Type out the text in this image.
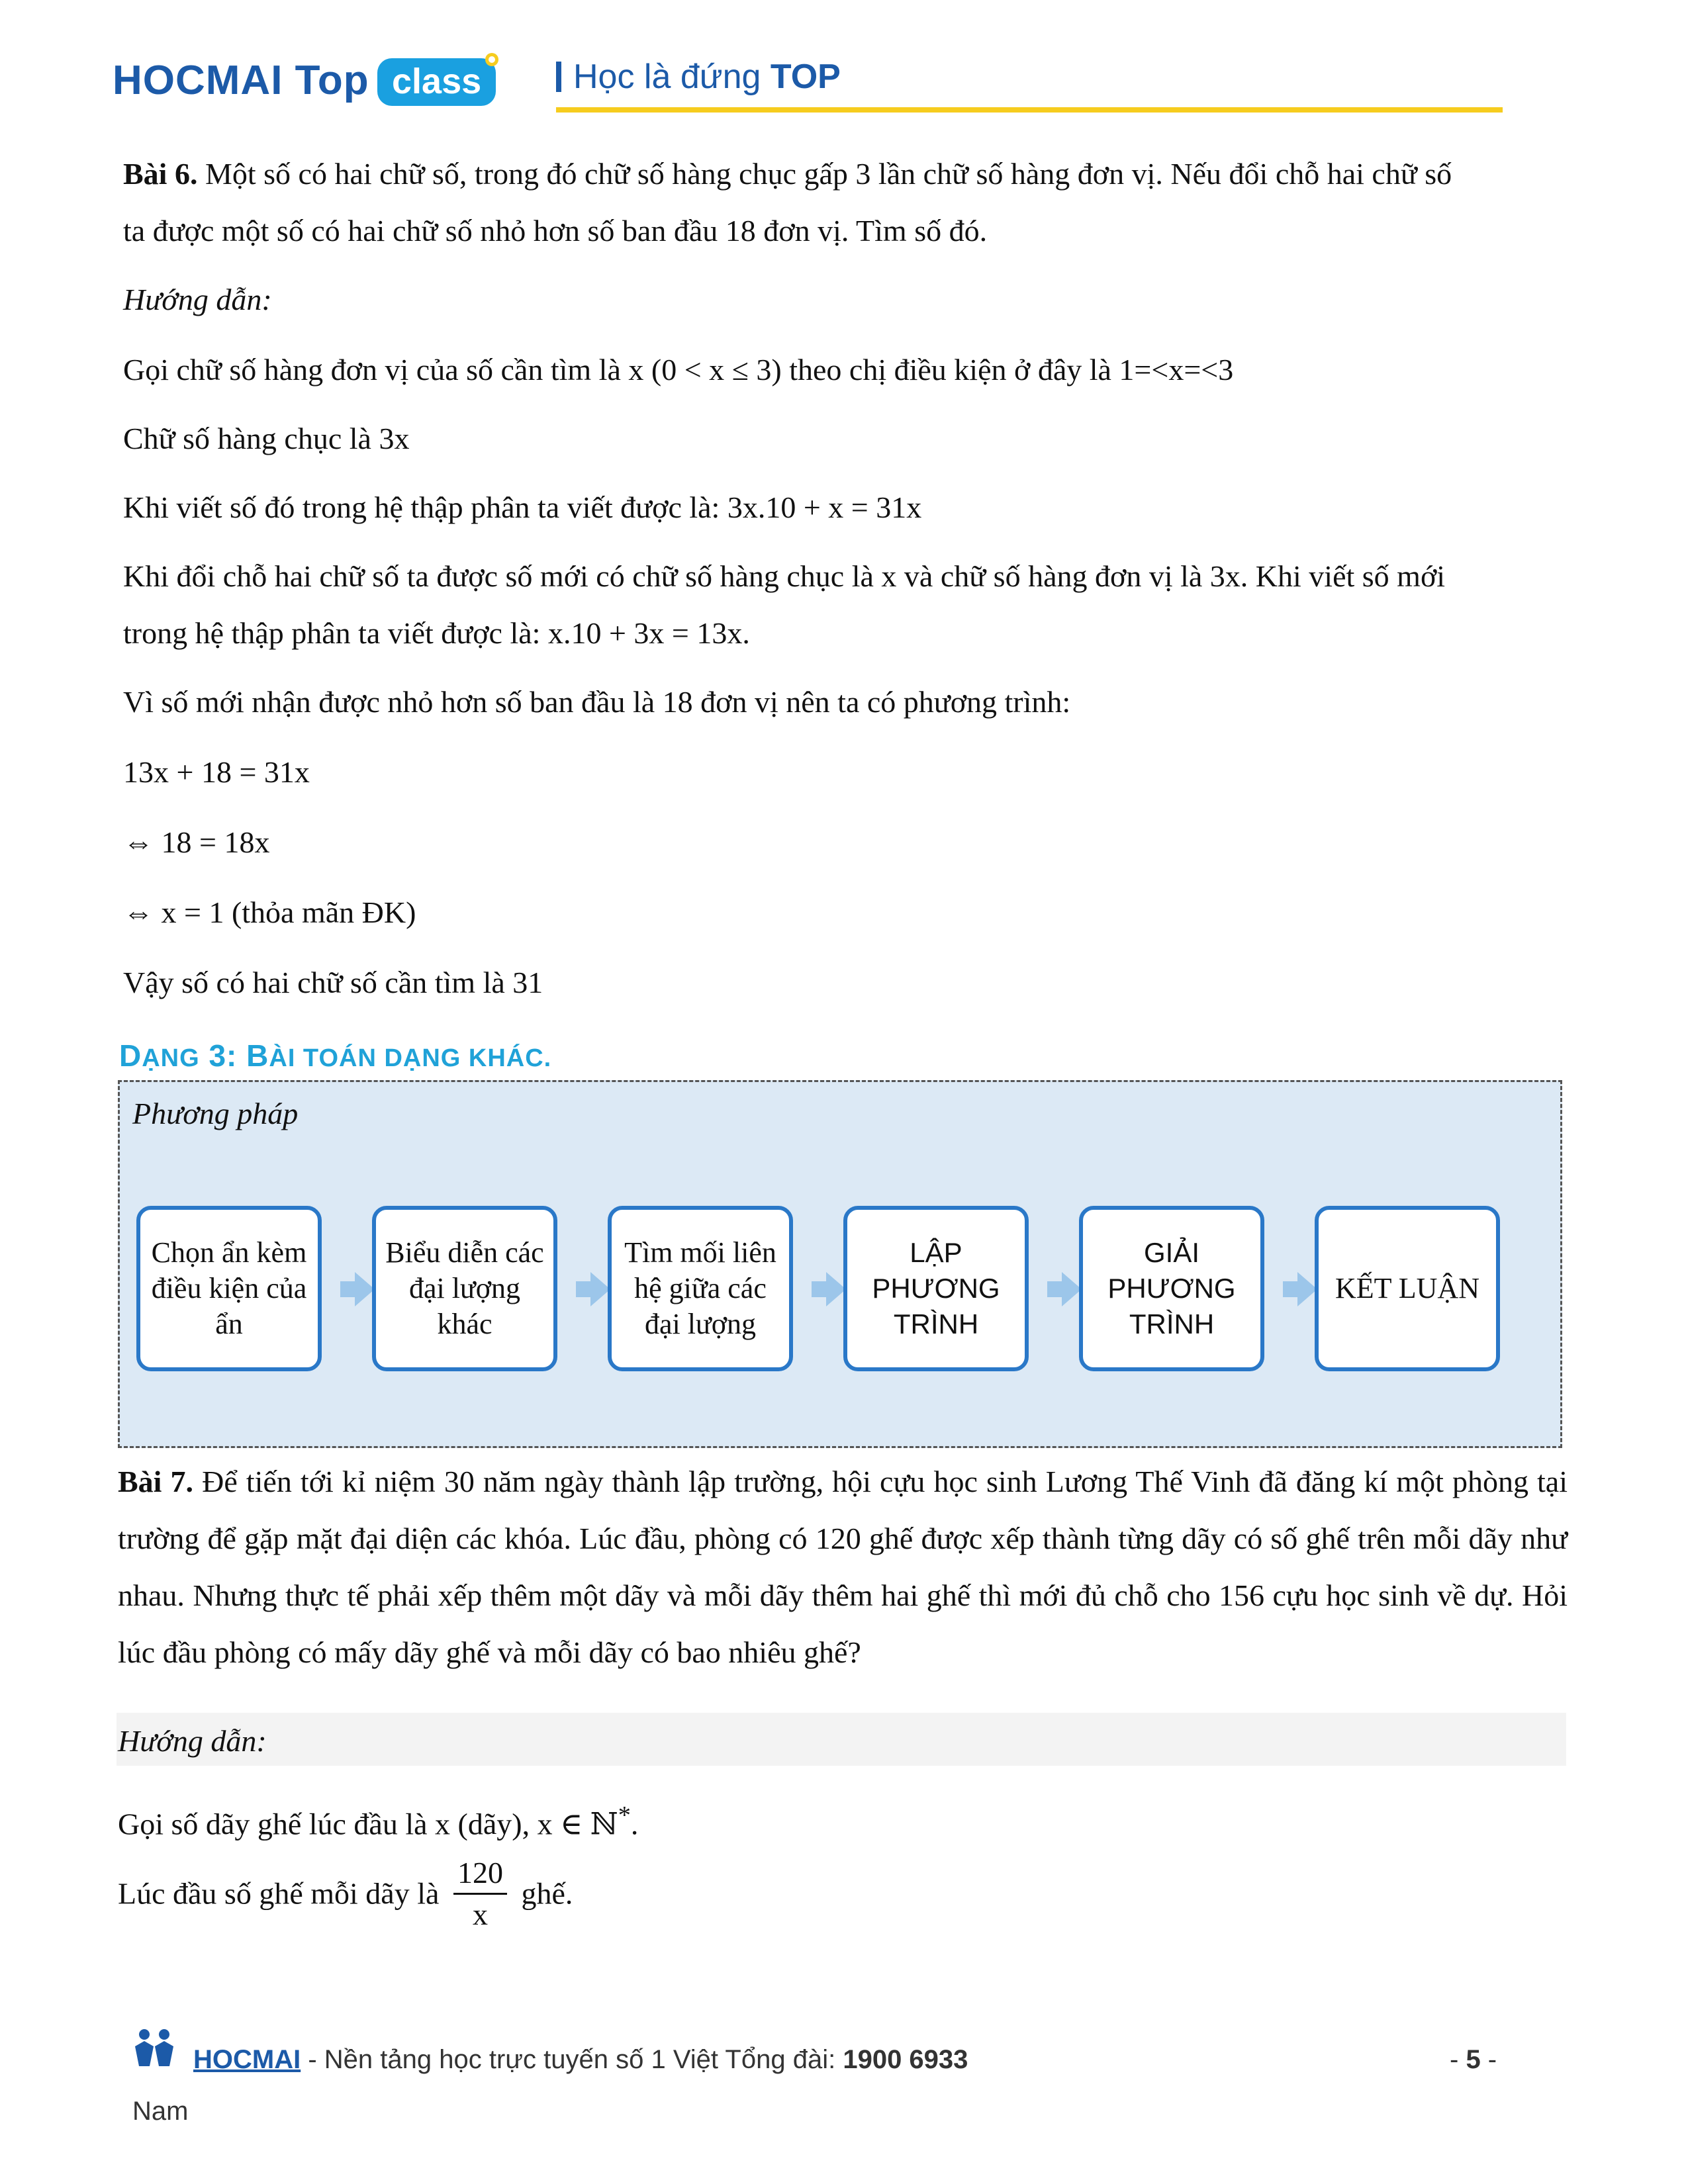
HOCMAI Top class	Học là đứng TOP
Bài 6. Một số có hai chữ số, trong đó chữ số hàng chục gấp 3 lần chữ số hàng đơn vị. Nếu đổi chỗ hai chữ số
ta được một số có hai chữ số nhỏ hơn số ban đầu 18 đơn vị. Tìm số đó.
Hướng dẫn:
Gọi chữ số hàng đơn vị của số cần tìm là x (0 < x ≤ 3) theo chị điều kiện ở đây là 1=<x=<3
Chữ số hàng chục là 3x
Khi viết số đó trong hệ thập phân ta viết được là: 3x.10 + x = 31x
Khi đổi chỗ hai chữ số ta được số mới có chữ số hàng chục là x và chữ số hàng đơn vị là 3x. Khi viết số mới
trong hệ thập phân ta viết được là: x.10 + 3x = 13x.
Vì số mới nhận được nhỏ hơn số ban đầu là 18 đơn vị nên ta có phương trình:
13x + 18 = 31x
⇔ 18 = 18x
⇔ x = 1 (thỏa mãn ĐK)
Vậy số có hai chữ số cần tìm là 31
DẠNG 3: BÀI TOÁN DẠNG KHÁC.
Phương pháp
Chọn ẩn kèm điều kiện của ẩn
Biểu diễn các đại lượng khác
Tìm mối liên hệ giữa các đại lượng
LẬP PHƯƠNG TRÌNH
GIẢI PHƯƠNG TRÌNH
KẾT LUẬN
Bài 7. Để tiến tới kỉ niệm 30 năm ngày thành lập trường, hội cựu học sinh Lương Thế Vinh đã đăng kí một phòng tại trường để gặp mặt đại diện các khóa. Lúc đầu, phòng có 120 ghế được xếp thành từng dãy có số ghế trên mỗi dãy như nhau. Nhưng thực tế phải xếp thêm một dãy và mỗi dãy thêm hai ghế thì mới đủ chỗ cho 156 cựu học sinh về dự. Hỏi lúc đầu phòng có mấy dãy ghế và mỗi dãy có bao nhiêu ghế?
Hướng dẫn:
Gọi số dãy ghế lúc đầu là x (dãy), x ∈ ℕ*.
Lúc đầu số ghế mỗi dãy là $\frac{120}{x}$ ghế.
HOCMAI - Nền tảng học trực tuyến số 1 Việt Tổng đài: 1900 6933
Nam
- 5 -
